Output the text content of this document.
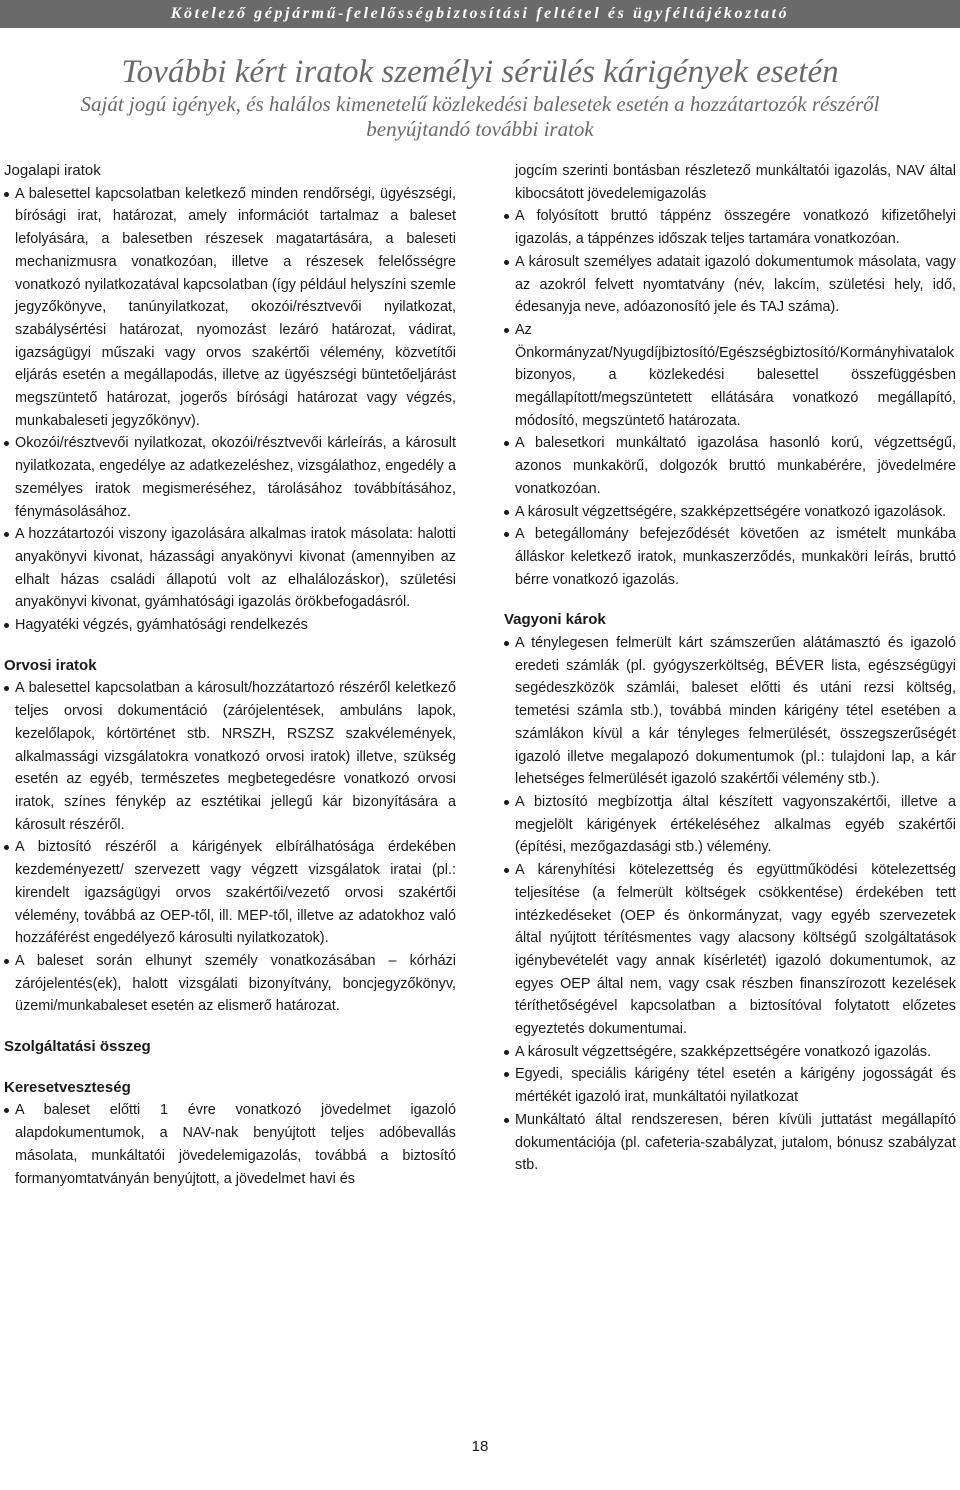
Kötelező gépjármű-felelősségbiztosítási feltétel és ügyféltájékoztató
További kért iratok személyi sérülés kárigények esetén
Saját jogú igények, és halálos kimenetelű közlekedési balesetek esetén a hozzátartozók részéről
benyújtandó további iratok
Jogalapi iratok
A balesettel kapcsolatban keletkező minden rendőrségi, ügyészségi, bírósági irat, határozat, amely információt tartalmaz a baleset lefolyására, a balesetben részesek magatartására, a baleseti mechanizmusra vonatkozóan, illetve a részesek felelősségre vonatkozó nyilatkozatával kapcsolatban (így például helyszíni szemle jegyzőkönyve, tanúnyilatkozat, okozói/résztvevői nyilatkozat, szabálysértési határozat, nyomozást lezáró határozat, vádirat, igazságügyi műszaki vagy orvos szakértői vélemény, közvetítői eljárás esetén a megállapodás, illetve az ügyészségi büntetőeljárást megszüntető határozat, jogerős bírósági határozat vagy végzés, munkabaleseti jegyzőkönyv).
Okozói/résztvevői nyilatkozat, okozói/résztvevői kárleírás, a károsult nyilatkozata, engedélye az adatkezeléshez, vizsgálathoz, engedély a személyes iratok megismeréséhez, tárolásához továbbításához, fénymásolásához.
A hozzátartozói viszony igazolására alkalmas iratok másolata: halotti anyakönyvi kivonat, házassági anyakönyvi kivonat (amennyiben az elhalt házas családi állapotú volt az elhalálozáskor), születési anyakönyvi kivonat, gyámhatósági igazolás örökbefogadásról.
Hagyatéki végzés, gyámhatósági rendelkezés
Orvosi iratok
A balesettel kapcsolatban a károsult/hozzátartozó részéről keletkező teljes orvosi dokumentáció (zárójelentések, ambuláns lapok, kezelőlapok, kórtörténet stb. NRSZH, RSZSZ szakvélemények, alkalmassági vizsgálatokra vonatkozó orvosi iratok) illetve, szükség esetén az egyéb, természetes megbetegedésre vonatkozó orvosi iratok, színes fénykép az esztétikai jellegű kár bizonyítására a károsult részéről.
A biztosító részéről a kárigények elbírálhatósága érdekében kezdeményezett/ szervezett vagy végzett vizsgálatok iratai (pl.: kirendelt igazságügyi orvos szakértői/vezető orvosi szakértői vélemény, továbbá az OEP-től, ill. MEP-től, illetve az adatokhoz való hozzáférést engedélyező károsulti nyilatkozatok).
A baleset során elhunyt személy vonatkozásában – kórházi zárójelentés(ek), halott vizsgálati bizonyítvány, boncjegyzőkönyv, üzemi/munkabaleset esetén az elismerő határozat.
Szolgáltatási összeg
Keresetveszteség
A baleset előtti 1 évre vonatkozó jövedelmet igazoló alapdokumentumok, a NAV-nak benyújtott teljes adóbevallás másolata, munkáltatói jövedelemigazolás, továbbá a biztosító formanyomtatványán benyújtott, a jövedelmet havi és

jogcím szerinti bontásban részletező munkáltatói igazolás, NAV által kibocsátott jövedelemigazolás

A folyósított bruttó táppénz összegére vonatkozó kifizetőhelyi igazolás, a táppénzes időszak teljes tartamára vonatkozóan.
A károsult személyes adatait igazoló dokumentumok másolata, vagy az azokról felvett nyomtatvány (név, lakcím, születési hely, idő, édesanyja neve, adóazonosító jele és TAJ száma).
Az Önkormányzat/Nyugdíjbiztosító/Egészségbiztosító/Kormányhivatalok bizonyos, a közlekedési balesettel összefüggésben megállapított/megszüntetett ellátására vonatkozó megállapító, módosító, megszüntető határozata.
A balesetkori munkáltató igazolása hasonló korú, végzettségű, azonos munkakörű, dolgozók bruttó munkabérére, jövedelmére vonatkozóan.
A károsult végzettségére, szakképzettségére vonatkozó igazolások.
A betegállomány befejeződését követően az ismételt munkába álláskor keletkező iratok, munkaszerződés, munkaköri leírás, bruttó bérre vonatkozó igazolás.
Vagyoni károk
A ténylegesen felmerült kárt számszerűen alátámasztó és igazoló eredeti számlák (pl. gyógyszerköltség, BÉVER lista, egészségügyi segédeszközök számlái, baleset előtti és utáni rezsi költség, temetési számla stb.), továbbá minden kárigény tétel esetében a számlákon kívül a kár tényleges felmerülését, összegszerűségét igazoló illetve megalapozó dokumentumok (pl.: tulajdoni lap, a kár lehetséges felmerülését igazoló szakértői vélemény stb.).
A biztosító megbízottja által készített vagyonszakértői, illetve a megjelölt kárigények értékeléséhez alkalmas egyéb szakértői (építési, mezőgazdasági stb.) vélemény.
A kárenyhítési kötelezettség és együttműködési kötelezettség teljesítése (a felmerült költségek csökkentése) érdekében tett intézkedéseket (OEP és önkormányzat, vagy egyéb szervezetek által nyújtott térítésmentes vagy alacsony költségű szolgáltatások igénybevételét vagy annak kísérletét) igazoló dokumentumok, az egyes OEP által nem, vagy csak részben finanszírozott kezelések téríthetőségével kapcsolatban a biztosítóval folytatott előzetes egyeztetés dokumentumai.
A károsult végzettségére, szakképzettségére vonatkozó igazolás.
Egyedi, speciális kárigény tétel esetén a kárigény jogosságát és mértékét igazoló irat, munkáltatói nyilatkozat
Munkáltató által rendszeresen, béren kívüli juttatást megállapító dokumentációja (pl. cafeteria-szabályzat, jutalom, bónusz szabályzat stb.
18
